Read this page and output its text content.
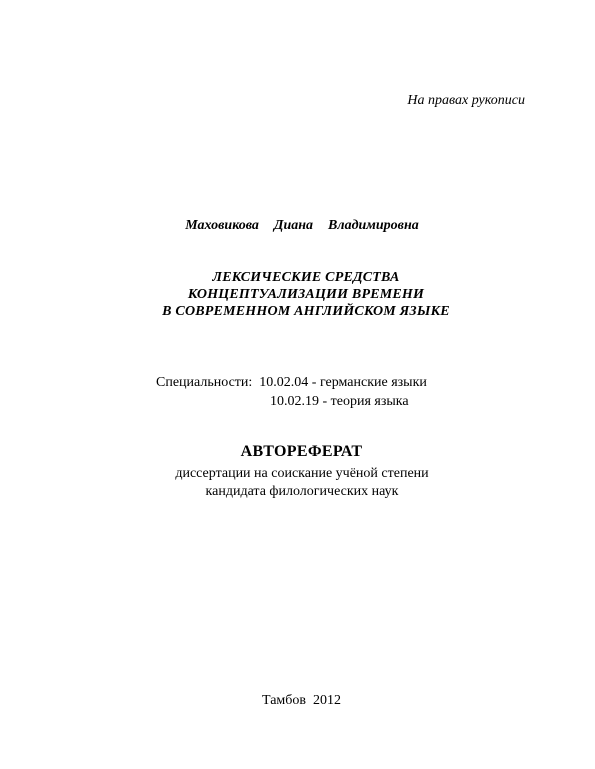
На правах рукописи
Маховикова  Диана  Владимировна
ЛЕКСИЧЕСКИЕ СРЕДСТВА
КОНЦЕПТУАЛИЗАЦИИ ВРЕМЕНИ
В СОВРЕМЕННОМ АНГЛИЙСКОМ ЯЗЫКЕ
Специальности: 10.02.04 - германские языки
10.02.19 - теория языка
АВТОРЕФЕРАТ
диссертации на соискание учёной степени
кандидата филологических наук
Тамбов  2012
